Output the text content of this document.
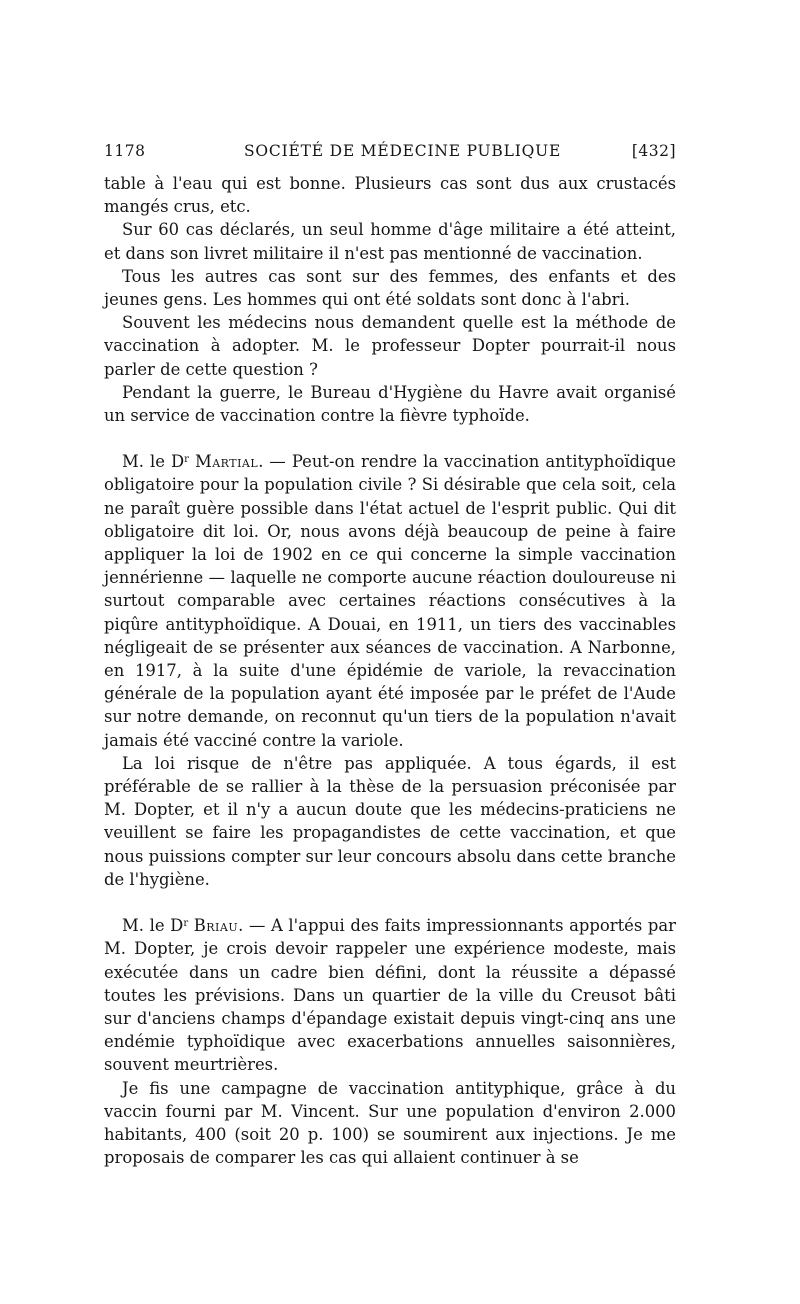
1178	SOCIÉTÉ DE MÉDECINE PUBLIQUE	[432]

table à l'eau qui est bonne. Plusieurs cas sont dus aux crustacés mangés crus, etc.

Sur 60 cas déclarés, un seul homme d'âge militaire a été atteint, et dans son livret militaire il n'est pas mentionné de vaccination.

Tous les autres cas sont sur des femmes, des enfants et des jeunes gens. Les hommes qui ont été soldats sont donc à l'abri.

Souvent les médecins nous demandent quelle est la méthode de vaccination à adopter. M. le professeur Dopter pourrait-il nous parler de cette question ?

Pendant la guerre, le Bureau d'Hygiène du Havre avait organisé un service de vaccination contre la fièvre typhoïde.

M. le $D^r$ Martial. — Peut-on rendre la vaccination antityphoïdique obligatoire pour la population civile ? Si désirable que cela soit, cela ne paraît guère possible dans l'état actuel de l'esprit public. Qui dit obligatoire dit loi. Or, nous avons déjà beaucoup de peine à faire appliquer la loi de 1902 en ce qui concerne la simple vaccination jennérienne — laquelle ne comporte aucune réaction douloureuse ni surtout comparable avec certaines réactions consécutives à la piqûre antityphoïdique. A Douai, en 1911, un tiers des vaccinables négligeait de se présenter aux séances de vaccination. A Narbonne, en 1917, à la suite d'une épidémie de variole, la revaccination générale de la population ayant été imposée par le préfet de l'Aude sur notre demande, on reconnut qu'un tiers de la population n'avait jamais été vacciné contre la variole.

La loi risque de n'être pas appliquée. A tous égards, il est préférable de se rallier à la thèse de la persuasion préconisée par M. Dopter, et il n'y a aucun doute que les médecins-praticiens ne veuillent se faire les propagandistes de cette vaccination, et que nous puissions compter sur leur concours absolu dans cette branche de l'hygiène.

M. le $D^r$ Briau. — A l'appui des faits impressionnants apportés par M. Dopter, je crois devoir rappeler une expérience modeste, mais exécutée dans un cadre bien défini, dont la réussite a dépassé toutes les prévisions. Dans un quartier de la ville du Creusot bâti sur d'anciens champs d'épandage existait depuis vingt-cinq ans une endémie typhoïdique avec exacerbations annuelles saisonnières, souvent meurtrières.

Je fis une campagne de vaccination antityphique, grâce à du vaccin fourni par M. Vincent. Sur une population d'environ 2.000 habitants, 400 (soit 20 p. 100) se soumirent aux injections. Je me proposais de comparer les cas qui allaient continuer à se
